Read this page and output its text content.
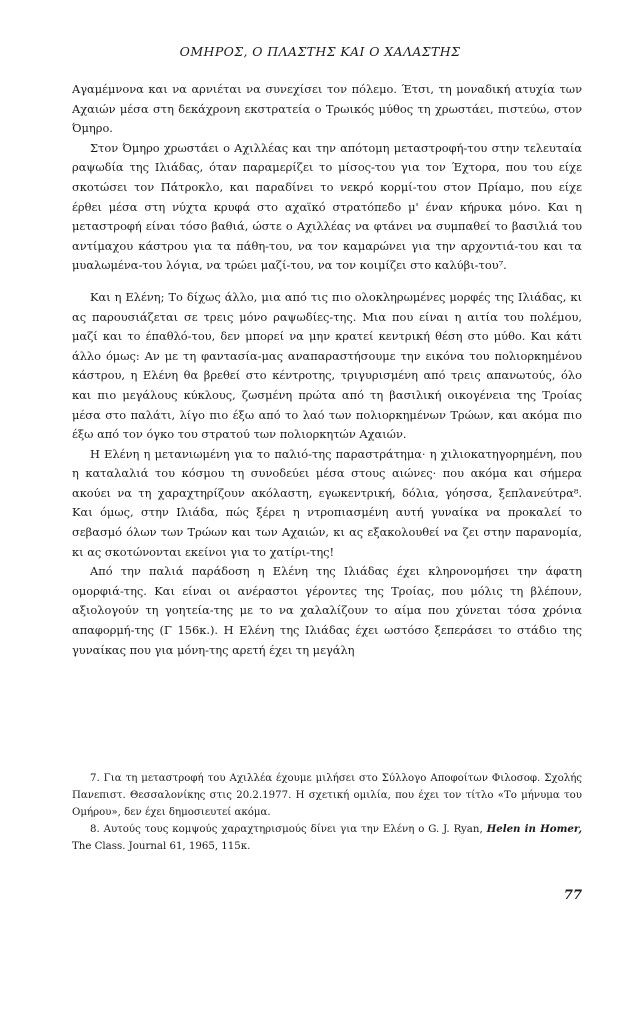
ΟΜΗΡΟΣ, Ο ΠΛΑΣΤΗΣ ΚΑΙ Ο ΧΑΛΑΣΤΗΣ

Αγαμέμνονα και να αρνιέται να συνεχίσει τον πόλεμο. Έτσι, τη μοναδική ατυχία των Αχαιών μέσα στη δεκάχρονη εκστρατεία ο Τρωικός μύθος τη χρωστάει, πιστεύω, στον Όμηρο.

Στον Όμηρο χρωστάει ο Αχιλλέας και την απότομη μεταστροφή-του στην τελευταία ραψωδία της Ιλιάδας, όταν παραμερίζει το μίσος-του για τον Έχτορα, που του είχε σκοτώσει τον Πάτροκλο, και παραδίνει το νεκρό κορμί-του στον Πρίαμο, που είχε έρθει μέσα στη νύχτα κρυφά στο αχαϊκό στρατόπεδο μ' έναν κήρυκα μόνο. Και η μεταστροφή είναι τόσο βαθιά, ώστε ο Αχιλλέας να φτάνει να συμπαθεί το βασιλιά του αντίμαχου κάστρου για τα πάθη-του, να τον καμαρώνει για την αρχοντιά-του και τα μυαλωμένα-του λόγια, να τρώει μαζί-του, να τον κοιμίζει στο καλύβι-του⁷.

Και η Ελένη; Το δίχως άλλο, μια από τις πιο ολοκληρωμένες μορφές της Ιλιάδας, κι ας παρουσιάζεται σε τρεις μόνο ραψωδίες-της. Μια που είναι η αιτία του πολέμου, μαζί και το έπαθλό-του, δεν μπορεί να μην κρατεί κεντρική θέση στο μύθο. Και κάτι άλλο όμως: Αν με τη φαντασία-μας αναπαραστήσουμε την εικόνα του πολιορκημένου κάστρου, η Ελένη θα βρεθεί στο κέντροτης, τριγυρισμένη από τρεις απανωτούς, όλο και πιο μεγάλους κύκλους, ζωσμένη πρώτα από τη βασιλική οικογένεια της Τροίας μέσα στο παλάτι, λίγο πιο έξω από το λαό των πολιορκημένων Τρώων, και ακόμα πιο έξω από τον όγκο του στρατού των πολιορκητών Αχαιών.

Η Ελένη η μετανιωμένη για το παλιό-της παραστράτημα· η χιλιοκατηγορημένη, που η καταλαλιά του κόσμου τη συνοδεύει μέσα στους αιώνες· που ακόμα και σήμερα ακούει να τη χαραχτηρίζουν ακόλαστη, εγωκεντρική, δόλια, γόησσα, ξεπλανεύτρα⁸. Και όμως, στην Ιλιάδα, πώς ξέρει η ντροπιασμένη αυτή γυναίκα να προκαλεί το σεβασμό όλων των Τρώων και των Αχαιών, κι ας εξακολουθεί να ζει στην παρανομία, κι ας σκοτώνονται εκείνοι για το χατίρι-της!

Από την παλιά παράδοση η Ελένη της Ιλιάδας έχει κληρονομήσει την άφατη ομορφιά-της. Και είναι οι ανέραστοι γέροντες της Τροίας, που μόλις τη βλέπουν, αξιολογούν τη γοητεία-της με το να χαλαλίζουν το αίμα που χύνεται τόσα χρόνια απαφορμή-της (Γ 156κ.). Η Ελένη της Ιλιάδας έχει ωστόσο ξεπεράσει το στάδιο της γυναίκας που για μόνη-της αρετή έχει τη μεγάλη

7. Για τη μεταστροφή του Αχιλλέα έχουμε μιλήσει στο Σύλλογο Αποφοίτων Φιλοσοφ. Σχολής Πανεπιστ. Θεσσαλονίκης στις 20.2.1977. Η σχετική ομιλία, που έχει τον τίτλο «Το μήνυμα του Ομήρου», δεν έχει δημοσιευτεί ακόμα.

8. Αυτούς τους κομψούς χαραχτηρισμούς δίνει για την Ελένη ο G. J. Ryan, Helen in Homer, The Class. Journal 61, 1965, 115κ.

77
